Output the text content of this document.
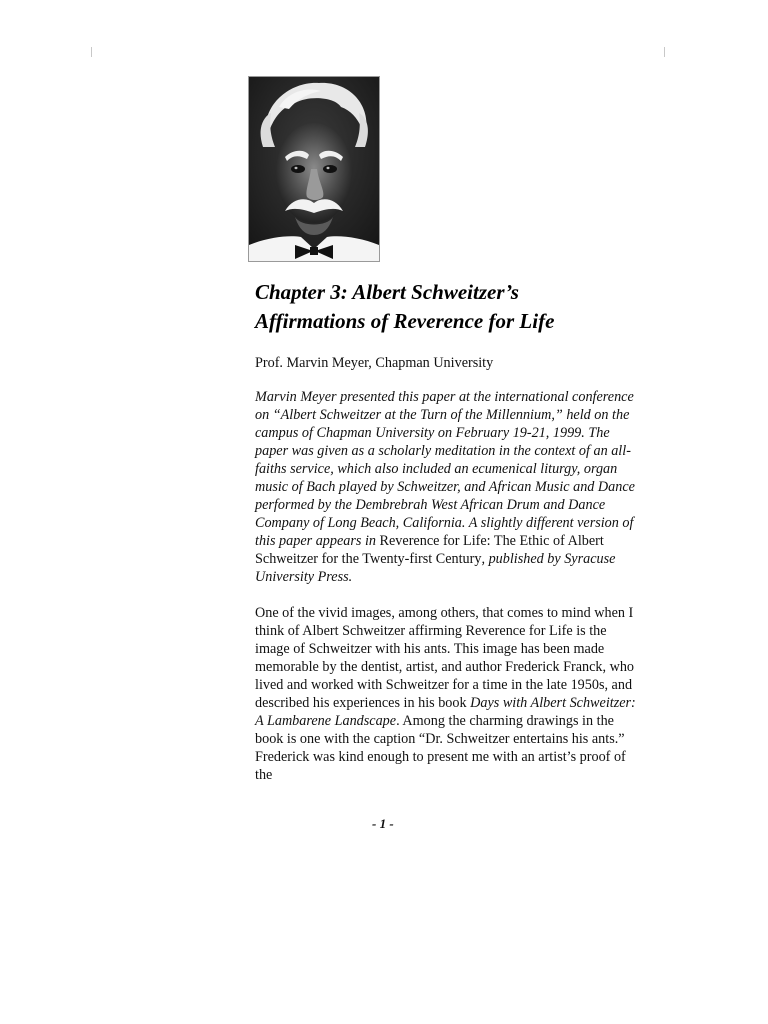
Chapter 3: Albert Schweitzer’s
Affirmations of Reverence for Life

Prof. Marvin Meyer, Chapman University

Marvin Meyer presented this paper at the international conference on “Albert Schweitzer at the Turn of the Millennium,” held on the campus of Chapman University on February 19-21, 1999. The paper was given as a scholarly meditation in the context of an all-faiths service, which also included an ecumenical liturgy, organ music of Bach played by Schweitzer, and African Music and Dance performed by the Dembrebrah West African Drum and Dance Company of Long Beach, California. A slightly different version of this paper appears in Reverence for Life: The Ethic of Albert Schweitzer for the Twenty-first Century, published by Syracuse University Press.

One of the vivid images, among others, that comes to mind when I think of Albert Schweitzer affirming Reverence for Life is the image of Schweitzer with his ants. This image has been made memorable by the dentist, artist, and author Frederick Franck, who lived and worked with Schweitzer for a time in the late 1950s, and described his experiences in his book Days with Albert Schweitzer: A Lambarene Landscape. Among the charming drawings in the book is one with the caption “Dr. Schweitzer entertains his ants.” Frederick was kind enough to present me with an artist’s proof of the

- 1 -
